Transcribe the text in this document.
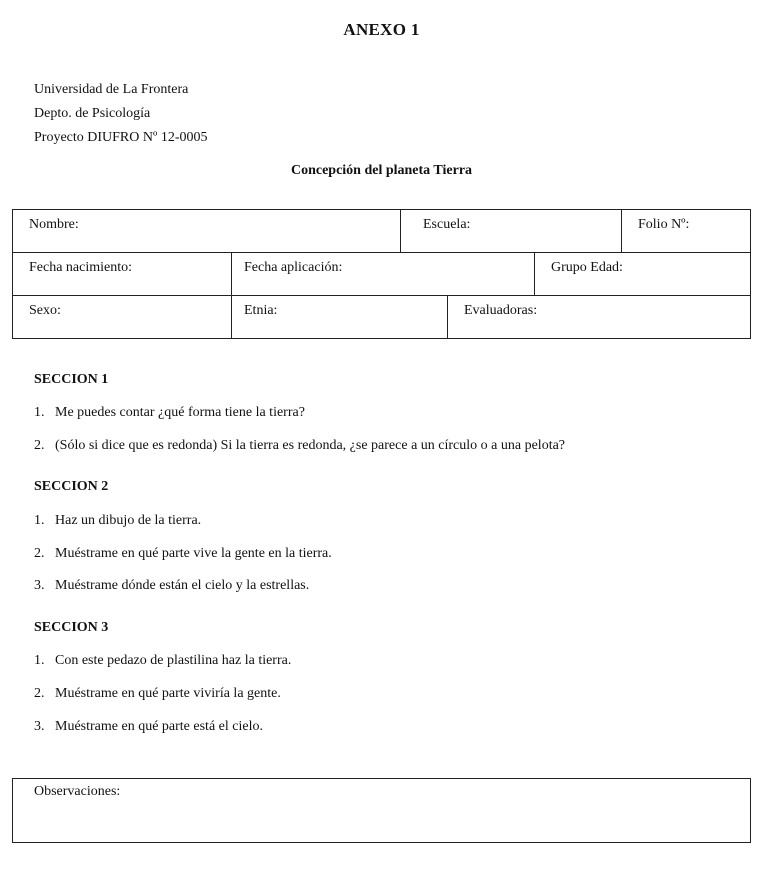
ANEXO 1
Universidad de La Frontera
Depto. de Psicología
Proyecto DIUFRO Nº 12-0005
Concepción del planeta Tierra
Nombre:	Escuela:	Folio Nº:
Fecha nacimiento:	Fecha aplicación:	Grupo Edad:
Sexo:	Etnia:	Evaluadoras:
SECCION 1
1. Me puedes contar ¿qué forma tiene la tierra?
2. (Sólo si dice que es redonda) Si la tierra es redonda, ¿se parece a un círculo o a una pelota?
SECCION 2
1. Haz un dibujo de la tierra.
2. Muéstrame en qué parte vive la gente en la tierra.
3. Muéstrame dónde están el cielo y la estrellas.
SECCION 3
1. Con este pedazo de plastilina haz la tierra.
2. Muéstrame en qué parte viviría la gente.
3. Muéstrame en qué parte está el cielo.
Observaciones:
